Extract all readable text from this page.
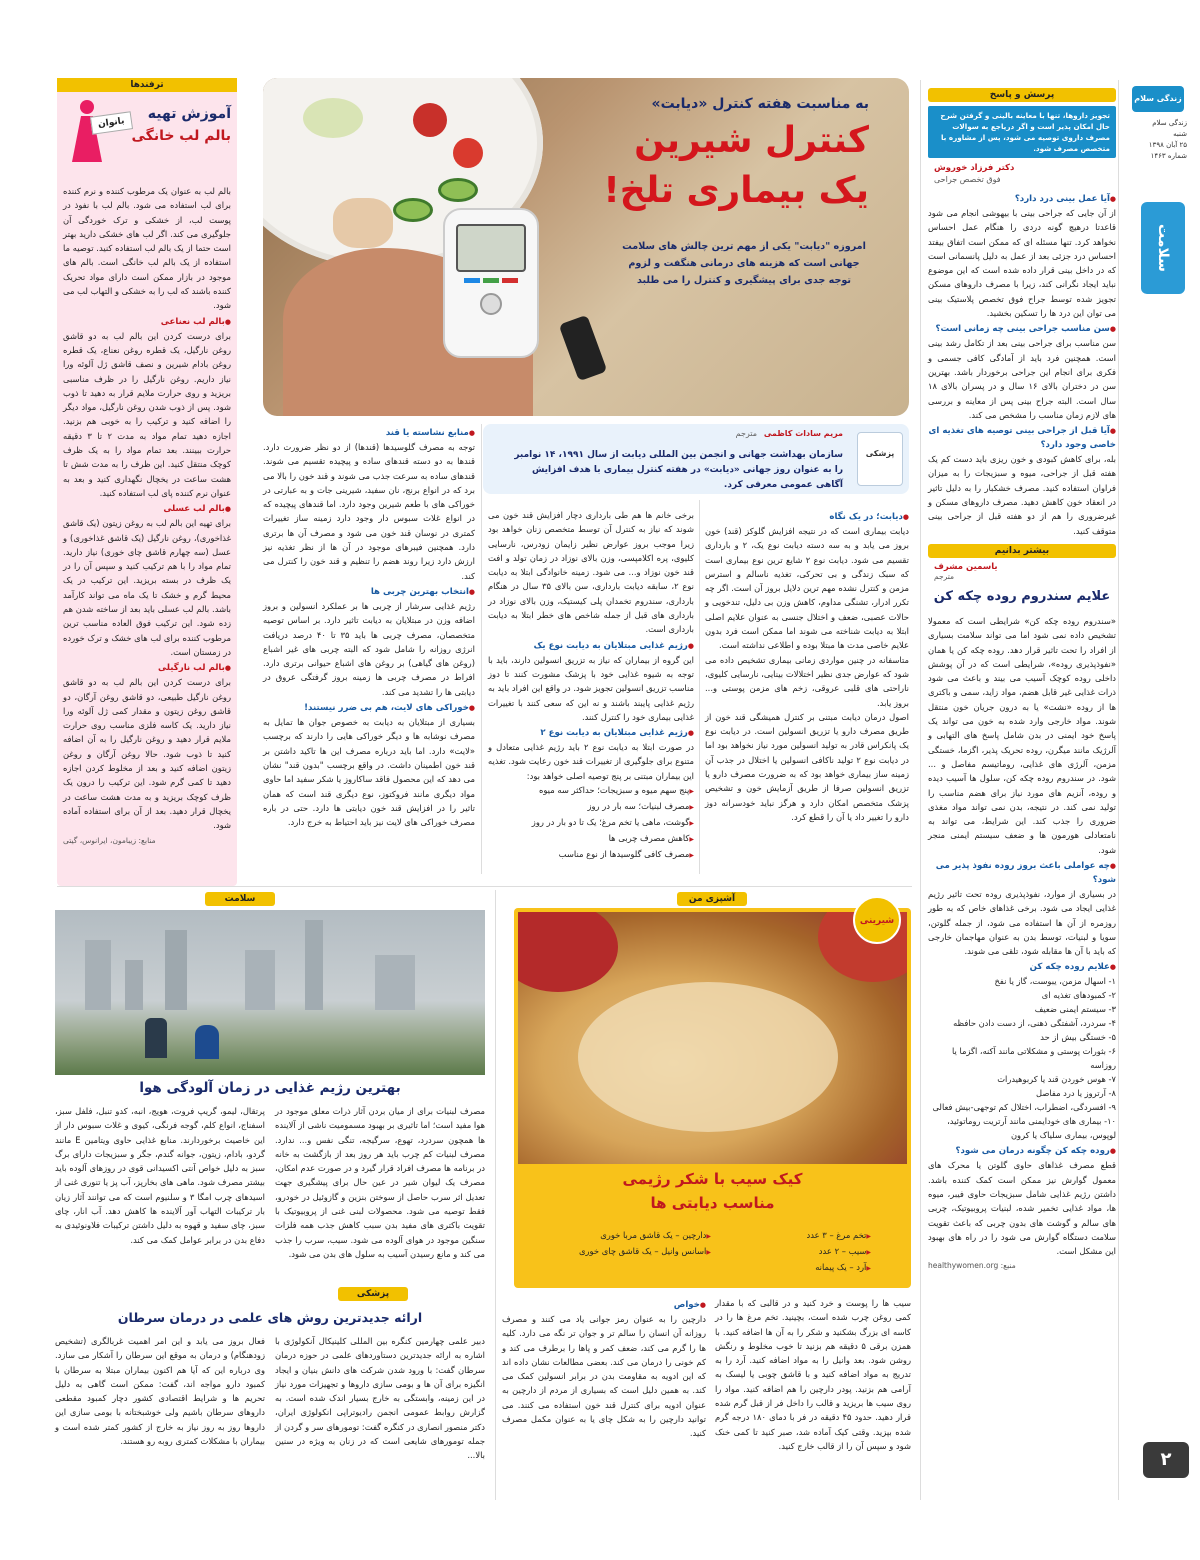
زندگی سلام
زندگی سلام
شنبه
۲۵ آبان ۱۳۹۸
شماره ۱۴۶۳
سلامت
۲
پرسش و پاسخ
تجویز داروها، تنها با معاینه بالینی و گرفتن شرح حال امکان پذیر است و اگر دریاجع به سوالات مصرف داروی توصیه می شود، پس از مشاوره با متخصص مصرف شود.
دکتر فرزاد خوروش
فوق تخصص جراحی
● آیا عمل بینی درد دارد؟

از آن جایی که جراحی بینی با بیهوشی انجام می شود قاعدتا درهیچ گونه دردی را هنگام عمل احساس نخواهد کرد. تنها مسئله ای که ممکن است اتفاق بیفتد احساس درد جزئی بعد از عمل به دلیل پانسمانی است که در داخل بینی قرار داده شده است که این موضوع نباید ایجاد نگرانی کند، زیرا با مصرف داروهای مسکن تجویز شده توسط جراح فوق تخصص پلاستیک بینی می توان این درد ها را تسکین بخشید.

● سن مناسب جراحی بینی چه زمانی است؟

سن مناسب برای جراحی بینی بعد از تکامل رشد بینی است. همچنین فرد باید از آمادگی کافی جسمی و فکری برای انجام این جراحی برخوردار باشد. بهترین سن در دختران بالای ۱۶ سال و در پسران بالای ۱۸ سال است. البته جراح بینی پس از معاینه و بررسی های لازم زمان مناسب را مشخص می کند.

● آیا قبل از جراحی بینی توصیه های تغذیه ای خاصی وجود دارد؟

بله، برای کاهش کبودی و خون ریزی باید دست کم یک هفته قبل از جراحی، میوه و سبزیجات را به میزان فراوان استفاده کنید. مصرف خشکبار را به دلیل تاثیر در انعقاد خون کاهش دهید. مصرف داروهای مسکن و غیرضروری را هم از دو هفته قبل از جراحی بینی متوقف کنید.

بیشتر بدانیم
یاسمین مشرف
مترجم
علایم سندروم روده چکه کن

«سندروم روده چکه کن» شرایطی است که معمولا تشخیص داده نمی شود اما می تواند سلامت بسیاری از افراد را تحت تاثیر قرار دهد. روده چکه کن یا همان «نفوذپذیری روده»، شرایطی است که در آن پوشش داخلی روده کوچک آسیب می بیند و باعث می شود ذرات غذایی غیر قابل هضم، مواد زاید، سمی و باکتری ها از روده «نشت» یا به درون جریان خون منتقل شوند. مواد خارجی وارد شده به خون می تواند یک پاسخ خود ایمنی در بدن شامل پاسخ های التهابی و آلرژیک مانند میگرن، روده تحریک پذیر، اگزما، خستگی مزمن، آلرژی های غذایی، روماتیسم مفاصل و ... شود. در سندروم روده چکه کن، سلول ها آسیب دیده و روده، آنزیم های مورد نیاز برای هضم مناسب را تولید نمی کند. در نتیجه، بدن نمی تواند مواد مغذی ضروری را جذب کند. این شرایط، می تواند به نامتعادلی هورمون ها و ضعف سیستم ایمنی منجر شود.

● چه عواملی باعث بروز روده نفوذ پذیر می شود؟

در بسیاری از موارد، نفوذپذیری روده تحت تاثیر رژیم غذایی ایجاد می شود. برخی غذاهای خاص که به طور روزمره از آن ها استفاده می شود، از جمله گلوتن، سویا و لبنیات، توسط بدن به عنوان مهاجمان خارجی که باید با آن ها مقابله شود، تلقی می شوند.

● علایم روده چکه کن
۱- اسهال مزمن، یبوست، گاز یا نفخ
۲- کمبودهای تغذیه ای
۳- سیستم ایمنی ضعیف
۴- سردرد، آشفتگی ذهنی، از دست دادن حافظه
۵- خستگی بیش از حد
۶- بثورات پوستی و مشکلاتی مانند آکنه، اگزما یا روزاسه
۷- هوس خوردن قند یا کربوهیدرات
۸- آرتروز یا درد مفاصل
۹- افسردگی، اضطراب، اختلال کم توجهی-بیش فعالی
۱۰- بیماری های خودایمنی مانند آرتریت روماتوئید، لوپوس، بیماری سلیاک یا کرون
● روده چکه کن چگونه درمان می شود؟

قطع مصرف غذاهای حاوی گلوتن یا محرک های معمول گوارش نیز ممکن است کمک کننده باشد. داشتن رژیم غذایی شامل سبزیجات حاوی فیبر، میوه ها، مواد غذایی تخمیر شده، لبنیات پروبیوتیک، چربی های سالم و گوشت های بدون چربی که باعث تقویت سلامت دستگاه گوارش می شود را در راه های بهبود این مشکل است.

منبع: healthywomen.org
به مناسبت هفته کنترل «دیابت»
کنترل شیرین
یک بیماری تلخ!
امروزه "دیابت" یکی از مهم ترین چالش های سلامت جهانی است که هزینه های درمانی هنگفت و لزوم توجه جدی برای پیشگیری و کنترل را می طلبد
پزشکی
مریم سادات کاظمی مترجم
سازمان بهداشت جهانی و انجمن بین المللی دیابت از سال ۱۹۹۱، ۱۴ نوامبر را به عنوان روز جهانی «دیابت» در هفته کنترل بیماری با هدف افزایش آگاهی عمومی معرفی کرد.
● دیابت؛ در یک نگاه

دیابت بیماری است که در نتیجه افزایش گلوکز (قند) خون بروز می یابد و به سه دسته دیابت نوع یک، ۲ و بارداری تقسیم می شود. دیابت نوع ۲ شایع ترین نوع بیماری است که سبک زندگی و بی تحرکی، تغذیه ناسالم و استرس مزمن و کنترل نشده مهم ترین دلایل بروز آن است. اگر چه تکرر ادرار، تشنگی مداوم، کاهش وزن بی دلیل، تندخویی و حالات عصبی، ضعف و اختلال جنسی به عنوان علایم اصلی ابتلا به دیابت شناخته می شوند اما ممکن است فرد بدون علایم خاصی مدت ها مبتلا بوده و اطلاعی نداشته است.

متاسفانه در چنین مواردی زمانی بیماری تشخیص داده می شود که عوارض جدی نظیر اختلالات بینایی، نارسایی کلیوی، ناراحتی های قلبی عروقی، زخم های مزمن پوستی و... بروز یابد.

اصول درمان دیابت مبتنی بر کنترل همیشگی قند خون از طریق مصرف دارو یا تزریق انسولین است. در دیابت نوع یک پانکراس قادر به تولید انسولین مورد نیاز نخواهد بود اما در دیابت نوع ۲ تولید ناکافی انسولین یا اختلال در جذب آن زمینه ساز بیماری خواهد بود که به ضرورت مصرف دارو یا تزریق انسولین صرفا از طریق آزمایش خون و تشخیص پزشک متخصص امکان دارد و هرگز نباید خودسرانه دوز دارو را تغییر داد یا آن را قطع کرد.

برخی خانم ها هم طی بارداری دچار افزایش قند خون می شوند که نیاز به کنترل آن توسط متخصص زنان خواهد بود زیرا موجب بروز عوارض نظیر زایمان زودرس، نارسایی کلیوی، پره اکلامپسی، وزن بالای نوزاد در زمان تولد و افت قند خون نوزاد و... می شود. زمینه خانوادگی ابتلا به دیابت نوع ۲، سابقه دیابت بارداری، سن بالای ۳۵ سال در هنگام بارداری، سندروم تخمدان پلی کیستیک، وزن بالای نوزاد در بارداری های قبل از جمله شاخص های خطر ابتلا به دیابت بارداری است.

● رژیم غذایی مبتلایان به دیابت نوع یک

این گروه از بیماران که نیاز به تزریق انسولین دارند، باید با توجه به شیوه غذایی خود با پزشک مشورت کنند تا دوز مناسب تزریق انسولین تجویز شود. در واقع این افراد باید به رژیم غذایی پایبند باشند و نه این که سعی کنند با تغییرات غذایی بیماری خود را کنترل کنند.

● رژیم غذایی مبتلایان به دیابت نوع ۲

در صورت ابتلا به دیابت نوع ۲ باید رژیم غذایی متعادل و متنوع برای جلوگیری از تغییرات قند خون رعایت شود. تغذیه این بیماران مبتنی بر پنج توصیه اصلی خواهد بود:

▶ پنج سهم میوه و سبزیجات؛ حداکثر سه میوه
▶ مصرف لبنیات؛ سه بار در روز
▶ گوشت، ماهی یا تخم مرغ؛ یک تا دو بار در روز
▶ کاهش مصرف چربی ها
▶ مصرف کافی گلوسیدها از نوع مناسب
● منابع نشاسته یا قند

توجه به مصرف گلوسیدها (قندها) از دو نظر ضرورت دارد. قندها به دو دسته قندهای ساده و پیچیده تقسیم می شوند. قندهای ساده به سرعت جذب می شوند و قند خون را بالا می برد که در انواع برنج، نان سفید، شیرینی جات و به عبارتی در خوراکی های با طعم شیرین وجود دارد. اما قندهای پیچیده که در انواع غلات سبوس دار وجود دارد زمینه ساز تغییرات کمتری در نوسان قند خون می شود و مصرف آن ها برتری دارد. همچنین فیبرهای موجود در آن ها از نظر تغذیه نیز ارزش دارد زیرا روند هضم را تنظیم و قند خون را کنترل می کند.

● انتخاب بهترین چربی ها

رژیم غذایی سرشار از چربی ها بر عملکرد انسولین و بروز اضافه وزن در مبتلایان به دیابت تاثیر دارد. بر اساس توصیه متخصصان، مصرف چربی ها باید ۳۵ تا ۴۰ درصد دریافت انرژی روزانه را شامل شود که البته چربی های غیر اشباع (روغن های گیاهی) بر روغن های اشباع حیوانی برتری دارد. افراط در مصرف چربی ها زمینه بروز گرفتگی عروق در دیابتی ها را تشدید می کند.

● خوراکی های لایت، هم بی ضرر نیستند!

بسیاری از مبتلایان به دیابت به خصوص جوان ها تمایل به مصرف نوشابه ها و دیگر خوراکی هایی را دارند که برچسب «لایت» دارد. اما باید درباره مصرف این ها تاکید داشتن بر قند خون اطمینان داشت. در واقع برچسب "بدون قند" نشان می دهد که این محصول فاقد ساکاروز یا شکر سفید اما حاوی مواد دیگری مانند فروکتوز، نوع دیگری قند است که همان تاثیر را در افزایش قند خون دیابتی ها دارد. حتی در باره مصرف خوراکی های لایت نیز باید احتیاط به خرج دارد.

ترفندها
بانوان
آموزش تهیه
بالم لب خانگی

بالم لب به عنوان یک مرطوب کننده و نرم کننده برای لب استفاده می شود. بالم لب با نفوذ در پوست لب، از خشکی و ترک خوردگی آن جلوگیری می کند. اگر لب های خشکی دارید بهتر است حتما از یک بالم لب استفاده کنید. توصیه ما استفاده از یک بالم لب خانگی است. بالم های موجود در بازار ممکن است دارای مواد تحریک کننده باشند که لب را به خشکی و التهاب لب می شود.

● بالم لب نعناعی

برای درست کردن این بالم لب به دو قاشق روغن نارگیل، یک قطره روغن نعناع، یک قطره روغن بادام شیرین و نصف قاشق ژل آلوئه ورا نیاز داریم. روغن نارگیل را در ظرف مناسبی بریزید و روی حرارت ملایم قرار به دهید تا ذوب شود. پس از ذوب شدن روغن نارگیل، مواد دیگر را اضافه کنید و ترکیب را به خوبی هم بزنید. اجازه دهید تمام مواد به مدت ۲ تا ۳ دقیقه حرارت ببینند. بعد تمام مواد را به یک ظرف کوچک منتقل کنید. این ظرف را به مدت شش تا هشت ساعت در یخچال نگهداری کنید و بعد به عنوان نرم کننده پای لب استفاده کنید.

● بالم لب عسلی

برای تهیه این بالم لب به روغن زیتون (یک قاشق غذاخوری)، روغن نارگیل (یک قاشق غذاخوری) و عسل (سه چهارم قاشق چای خوری) نیاز دارید. تمام مواد را با هم ترکیب کنید و سپس آن را در یک ظرف در بسته بریزید. این ترکیب در یک محیط گرم و خشک تا یک ماه می تواند کارآمد باشد. بالم لب عسلی باید بعد از ساخته شدن هم زده شود. این ترکیب فوق العاده مناسب ترین مرطوب کننده برای لب های خشک و ترک خورده در زمستان است.

● بالم لب نارگیلی

برای درست کردن این بالم لب به دو قاشق روغن نارگیل طبیعی، دو قاشق روغن آرگان، دو قاشق روغن زیتون و مقدار کمی ژل آلوئه ورا نیاز دارید. یک کاسه فلزی مناسب روی حرارت ملایم قرار دهید و روغن نارگیل را به آن اضافه کنید تا ذوب شود. حالا روغن آرگان و روغن زیتون اضافه کنید و بعد از مخلوط کردن اجازه دهید تا کمی گرم شود. این ترکیب را درون یک ظرف کوچک بریزید و به مدت هشت ساعت در یخچال قرار دهید. بعد از آن برای استفاده آماده شود.

منابع: زیبامون، ایرانوس، گیتی
سلامت
بهترین رژیم غذایی در زمان آلودگی هوا

مصرف لبنیات برای از میان بردن آثار ذرات معلق موجود در هوا مفید است؛ اما تاثیری بر بهبود مسمومیت ناشی از آلاینده ها همچون سردرد، تهوع، سرگیجه، تنگی نفس و... ندارد. مصرف لبنیات کم چرب باید هر روز بعد از بازگشت به خانه در برنامه ها مصرف افراد قرار گیرد و در صورت عدم امکان، مصرف یک لیوان شیر در عین حال برای پیشگیری جهت تعدیل اثر سرب حاصل از سوختن بنزین و گازوئیل در خودرو، فقط توصیه می شود. محصولات لبنی غنی از پروبیوتیک با تقویت باکتری های مفید بدن سبب کاهش جذب همه فلزات سنگین موجود در هوای آلوده می شود. سیب، سرب را جذب می کند و مانع رسیدن آسیب به سلول های بدن می شود.

پرتقال، لیمو، گریپ فروت، هویج، انبه، کدو تنبل، فلفل سبز، اسفناج، انواع کلم، گوجه فرنگی، کیوی و غلات سبوس دار از این خاصیت برخوردارند. منابع غذایی حاوی ویتامین E مانند گردو، بادام، زیتون، جوانه گندم، جگر و سبزیجات دارای برگ سبز به دلیل خواص آنتی اکسیدانی قوی در روزهای آلوده باید بیشتر مصرف شود. ماهی های بخارپز، آب پز یا تنوری غنی از اسیدهای چرب امگا ۳ و سلنیوم است که می توانند آثار زیان بار ترکیبات التهاب آور آلاینده ها کاهش دهد. آب انار، چای سبز، چای سفید و قهوه به دلیل داشتن ترکیبات فلاونوئیدی به دفاع بدن در برابر عوامل کمک می کند.

آشپزی من
شیرینی
کیک سیب با شکر رژیمی
مناسب دیابتی ها
▶ تخم مرغ – ۳ عدد
▶ سیب – ۲ عدد
▶ آرد – یک پیمانه
▶ دارچین – یک قاشق مربا خوری
▶ اسانس وانیل – یک قاشق چای خوری

سیب ها را پوست و خرد کنید و در قالبی که با مقدار کمی روغن چرب شده است، بچینید. تخم مرغ ها را در کاسه ای بزرگ بشکنید و شکر را به آن ها اضافه کنید. با همزن برقی ۵ دقیقه هم بزنید تا خوب مخلوط و رنگش روشن شود. بعد وانیل را به مواد اضافه کنید. آرد را به تدریج به مواد اضافه کنید و با قاشق چوبی یا لیسک به آرامی هم بزنید. پودر دارچین را هم اضافه کنید. مواد را روی سیب ها بریزید و قالب را داخل فر از قبل گرم شده قرار دهید. حدود ۴۵ دقیقه در فر با دمای ۱۸۰ درجه گرم شده بپزید. وقتی کیک آماده شد، صبر کنید تا کمی خنک شود و سپس آن را از قالب خارج کنید.

● خواص

دارچین را به عنوان رمز جوانی یاد می کنند و مصرف روزانه آن انسان را سالم تر و جوان تر نگه می دارد. کلیه ها را گرم می کند، ضعف کمر و پاها را برطرف می کند و کم خونی را درمان می کند. بعضی مطالعات نشان داده اند که این ادویه به مقاومت بدن در برابر انسولین کمک می کند. به همین دلیل است که بسیاری از مردم از دارچین به عنوان ادویه برای کنترل قند خون استفاده می کنند. می توانید دارچین را به شکل چای یا به عنوان مکمل مصرف کنید.

پزشکی
ارائه جدیدترین روش های علمی در درمان سرطان

دبیر علمی چهارمین کنگره بین المللی کلینیکال آنکولوژی با اشاره به ارائه جدیدترین دستاوردهای علمی در حوزه درمان سرطان گفت: با ورود شدن شرکت های دانش بنیان و ایجاد انگیزه برای آن ها و بومی سازی داروها و تجهیزات مورد نیاز در این زمینه، وابستگی به خارج بسیار اندک شده است. به گزارش روابط عمومی انجمن رادیوتراپی انکولوژی ایران، دکتر منصور انصاری در کنگره گفت: تومورهای سر و گردن از جمله تومورهای شایعی است که در زنان به ویژه در سنین بالا...

فعال بروز می یابد و این امر اهمیت غربالگری (تشخیص زودهنگام) و درمان به موقع این سرطان را آشکار می سازد. وی درباره این که آیا هم اکنون بیماران مبتلا به سرطان با کمبود دارو مواجه اند، گفت: ممکن است گاهی به دلیل تحریم ها و شرایط اقتصادی کشور دچار کمبود مقطعی داروهای سرطان باشیم ولی خوشبختانه با بومی سازی این داروها روز به روز نیاز به خارج از کشور کمتر شده است و بیماران با مشکلات کمتری روبه رو هستند.
